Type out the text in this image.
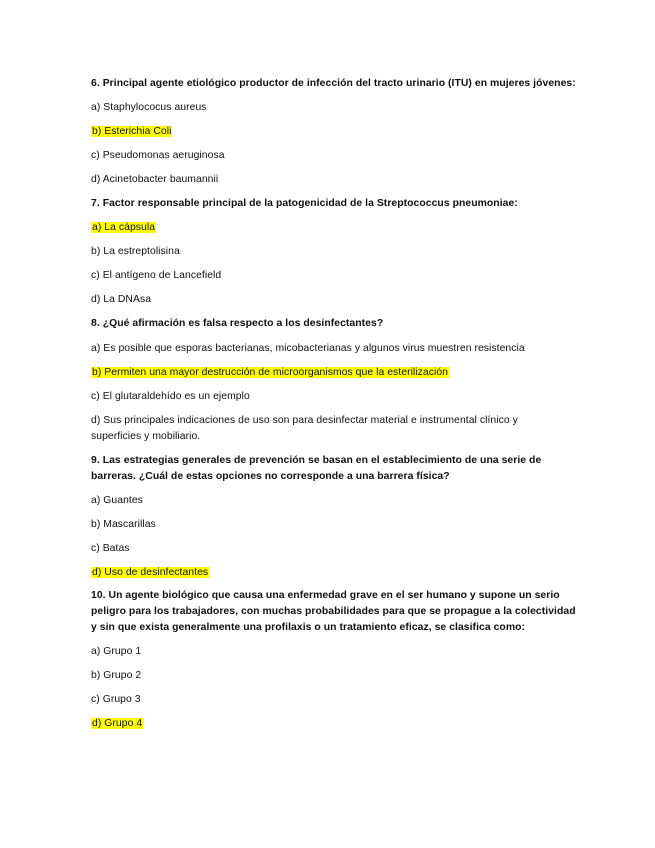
6. Principal agente etiológico productor de infección del tracto urinario (ITU) en mujeres jóvenes:
a) Staphylococus aureus
b) Esterichia Coli
c) Pseudomonas aeruginosa
d) Acinetobacter baumannii
7. Factor responsable principal de la patogenicidad de la Streptococcus pneumoniae:
a) La cápsula
b) La estreptolisina
c) El antígeno de Lancefield
d) La DNAsa
8. ¿Qué afirmación es falsa respecto a los desinfectantes?
a) Es posible que esporas bacterianas, micobacterianas y algunos virus muestren resistencia
b) Permiten una mayor destrucción de microorganismos que la esterilización
c) El glutaraldehído es un ejemplo
d) Sus principales indicaciones de uso son para desinfectar material e instrumental clínico y
superficies y mobiliario.
9. Las estrategias generales de prevención se basan en el establecimiento de una serie de
barreras. ¿Cuál de estas opciones no corresponde a una barrera física?
a) Guantes
b) Mascarillas
c) Batas
d) Uso de desinfectantes
10. Un agente biológico que causa una enfermedad grave en el ser humano y supone un serio
peligro para los trabajadores, con muchas probabilidades para que se propague a la colectividad
y sin que exista generalmente una profilaxis o un tratamiento eficaz, se clasifica como:
a) Grupo 1
b) Grupo 2
c) Grupo 3
d) Grupo 4
